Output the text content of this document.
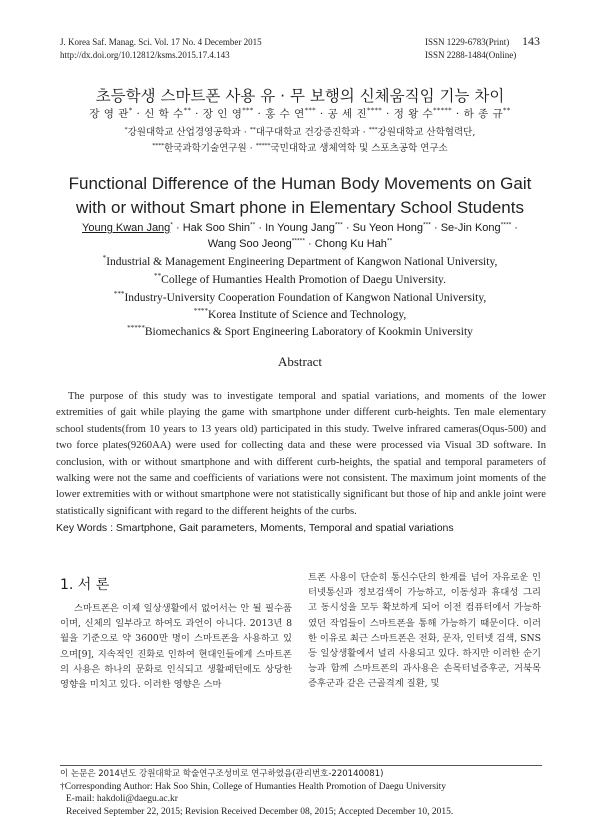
J. Korea Saf. Manag. Sci. Vol. 17 No. 4 December 2015
http://dx.doi.org/10.12812/ksms.2015.17.4.143
ISSN 1229-6783(Print)
ISSN 2288-1484(Online)
143
초등학생 스마트폰 사용 유 · 무 보행의 신체움직임 기능 차이
장 영 관* · 신 학 수** · 장 인 영*** · 홍 수 연*** · 공 세 진**** · 정 왕 수***** · 하 종 규**
*강원대학교 산업경영공학과 · **대구대학교 건강증진학과 · ***강원대학교 산학협력단,
****한국과학기술연구원 · *****국민대학교 생체역학 및 스포츠공학 연구소
Functional Difference of the Human Body Movements on Gait
with or without Smart phone in Elementary School Students
Young Kwan Jang* · Hak Soo Shin** · In Young Jang*** · Su Yeon Hong*** · Se-Jin Kong**** ·
Wang Soo Jeong***** · Chong Ku Hah**
*Industrial & Management Engineering Department of Kangwon National University,
**College of Humanties Health Promotion of Daegu University.
***Industry-University Cooperation Foundation of Kangwon National University,
****Korea Institute of Science and Technology,
*****Biomechanics & Sport Engineering Laboratory of Kookmin University
Abstract

The purpose of this study was to investigate temporal and spatial variations, and moments of the lower extremities of gait while playing the game with smartphone under different curb-heights. Ten male elementary school students(from 10 years to 13 years old) participated in this study. Twelve infrared cameras(Oqus-500) and two force plates(9260AA) were used for collecting data and these were processed via Visual 3D software. In conclusion, with or without smartphone and with different curb-heights, the spatial and temporal parameters of walking were not the same and coefficients of variations were not consistent. The maximum joint moments of the lower extremities with or without smartphone were not statistically significant but those of hip and ankle joint were statistically significant with regard to the different heights of the curbs.

Key Words : Smartphone, Gait parameters, Moments, Temporal and spatial variations
1. 서 론

스마트폰은 이제 일상생활에서 없어서는 안 될 필수품이며, 신체의 일부라고 하여도 과언이 아니다. 2013년 8월을 기준으로 약 3600만 명이 스마트폰을 사용하고 있으며[9], 지속적인 진화로 인하여 현대인들에게 스마트폰의 사용은 하나의 문화로 인식되고 생활패턴에도 상당한 영향을 미치고 있다. 이러한 영향은 스마

트폰 사용이 단순히 통신수단의 한계를 넘어 자유로운 인터넷통신과 정보검색이 가능하고, 이동성과 휴대성 그리고 동시성을 모두 확보하게 되어 이전 컴퓨터에서 가능하였던 작업들이 스마트폰을 통해 가능하기 때문이다. 이러한 이유로 최근 스마트폰은 전화, 문자, 인터넷 검색, SNS 등 일상생활에서 널리 사용되고 있다. 하지만 이러한 순기능과 함께 스마트폰의 과사용은 손목터널증후군, 거북목증후군과 같은 근골격계 질환, 및

이 논문은 2014년도 강원대학교 학술연구조성비로 연구하였음(관리번호-220140081)
†Corresponding Author: Hak Soo Shin, College of Humanties Health Promotion of Daegu University
E-mail: hakdoli@daegu.ac.kr
Received September 22, 2015; Revision Received December 08, 2015; Accepted December 10, 2015.
